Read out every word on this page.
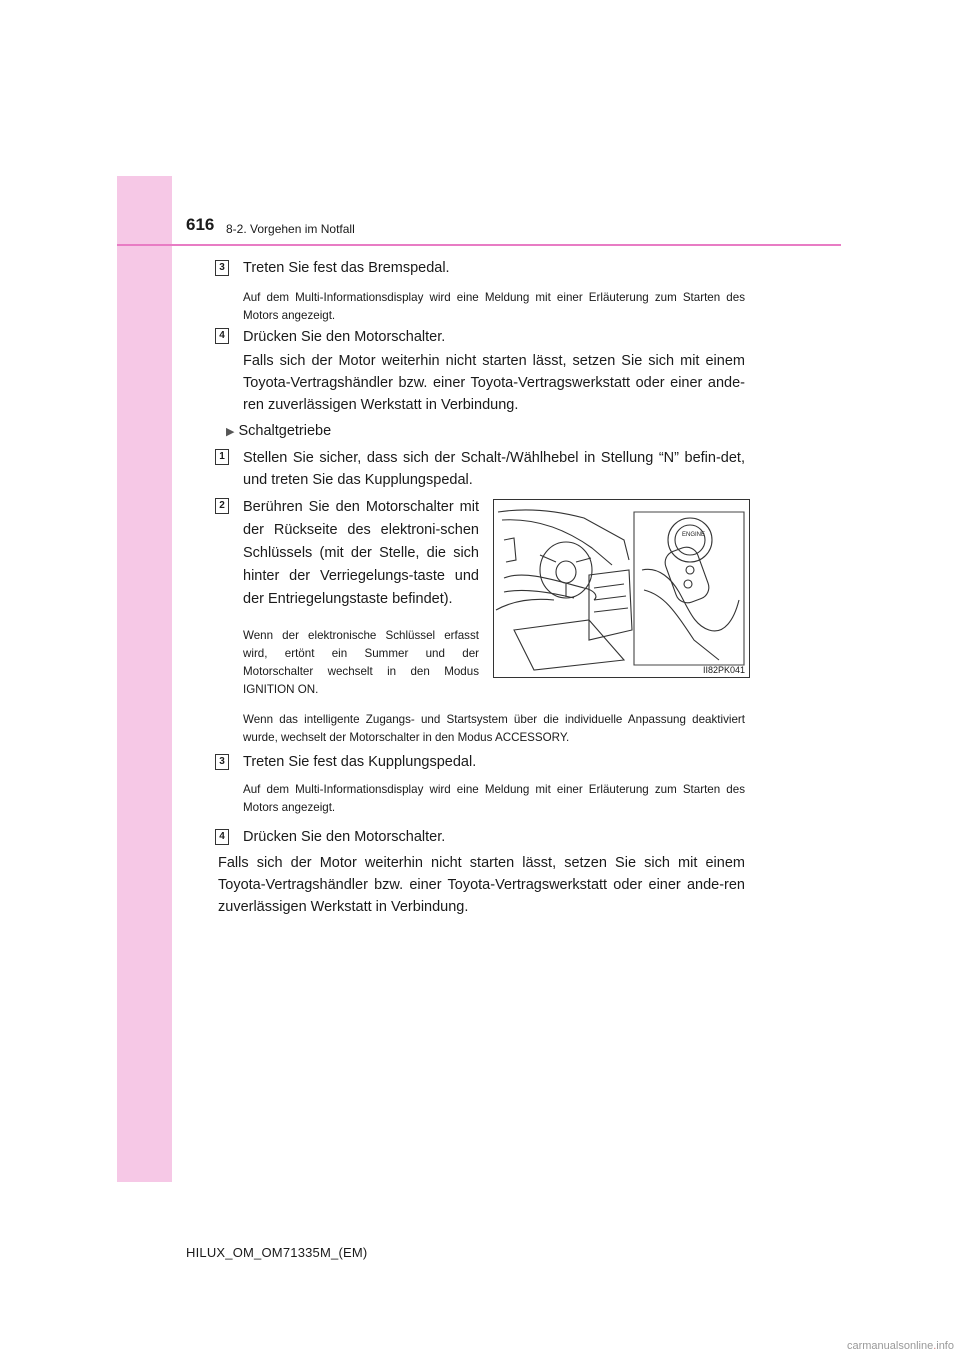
616 8-2. Vorgehen im Notfall
3 Treten Sie fest das Bremspedal.

Auf dem Multi-Informationsdisplay wird eine Meldung mit einer Erläuterung zum Starten des Motors angezeigt.

4 Drücken Sie den Motorschalter.

Falls sich der Motor weiterhin nicht starten lässt, setzen Sie sich mit einem Toyota-Vertragshändler bzw. einer Toyota-Vertragswerkstatt oder einer ande-ren zuverlässigen Werkstatt in Verbindung.

▶ Schaltgetriebe
1 Stellen Sie sicher, dass sich der Schalt-/Wählhebel in Stellung “N” befin-det, und treten Sie das Kupplungspedal.

2 Berühren Sie den Motorschalter mit der Rückseite des elektroni-schen Schlüssels (mit der Stelle, die sich hinter der Verriegelungs-taste und der Entriegelungstaste befindet).

Wenn der elektronische Schlüssel erfasst wird, ertönt ein Summer und der Motorschalter wechselt in den Modus IGNITION ON.

ENGINE
II82PK041

Wenn das intelligente Zugangs- und Startsystem über die individuelle Anpassung deaktiviert wurde, wechselt der Motorschalter in den Modus ACCESSORY.

3 Treten Sie fest das Kupplungspedal.

Auf dem Multi-Informationsdisplay wird eine Meldung mit einer Erläuterung zum Starten des Motors angezeigt.

4 Drücken Sie den Motorschalter.

Falls sich der Motor weiterhin nicht starten lässt, setzen Sie sich mit einem Toyota-Vertragshändler bzw. einer Toyota-Vertragswerkstatt oder einer ande-ren zuverlässigen Werkstatt in Verbindung.

HILUX_OM_OM71335M_(EM)
carmanualsonline.info
